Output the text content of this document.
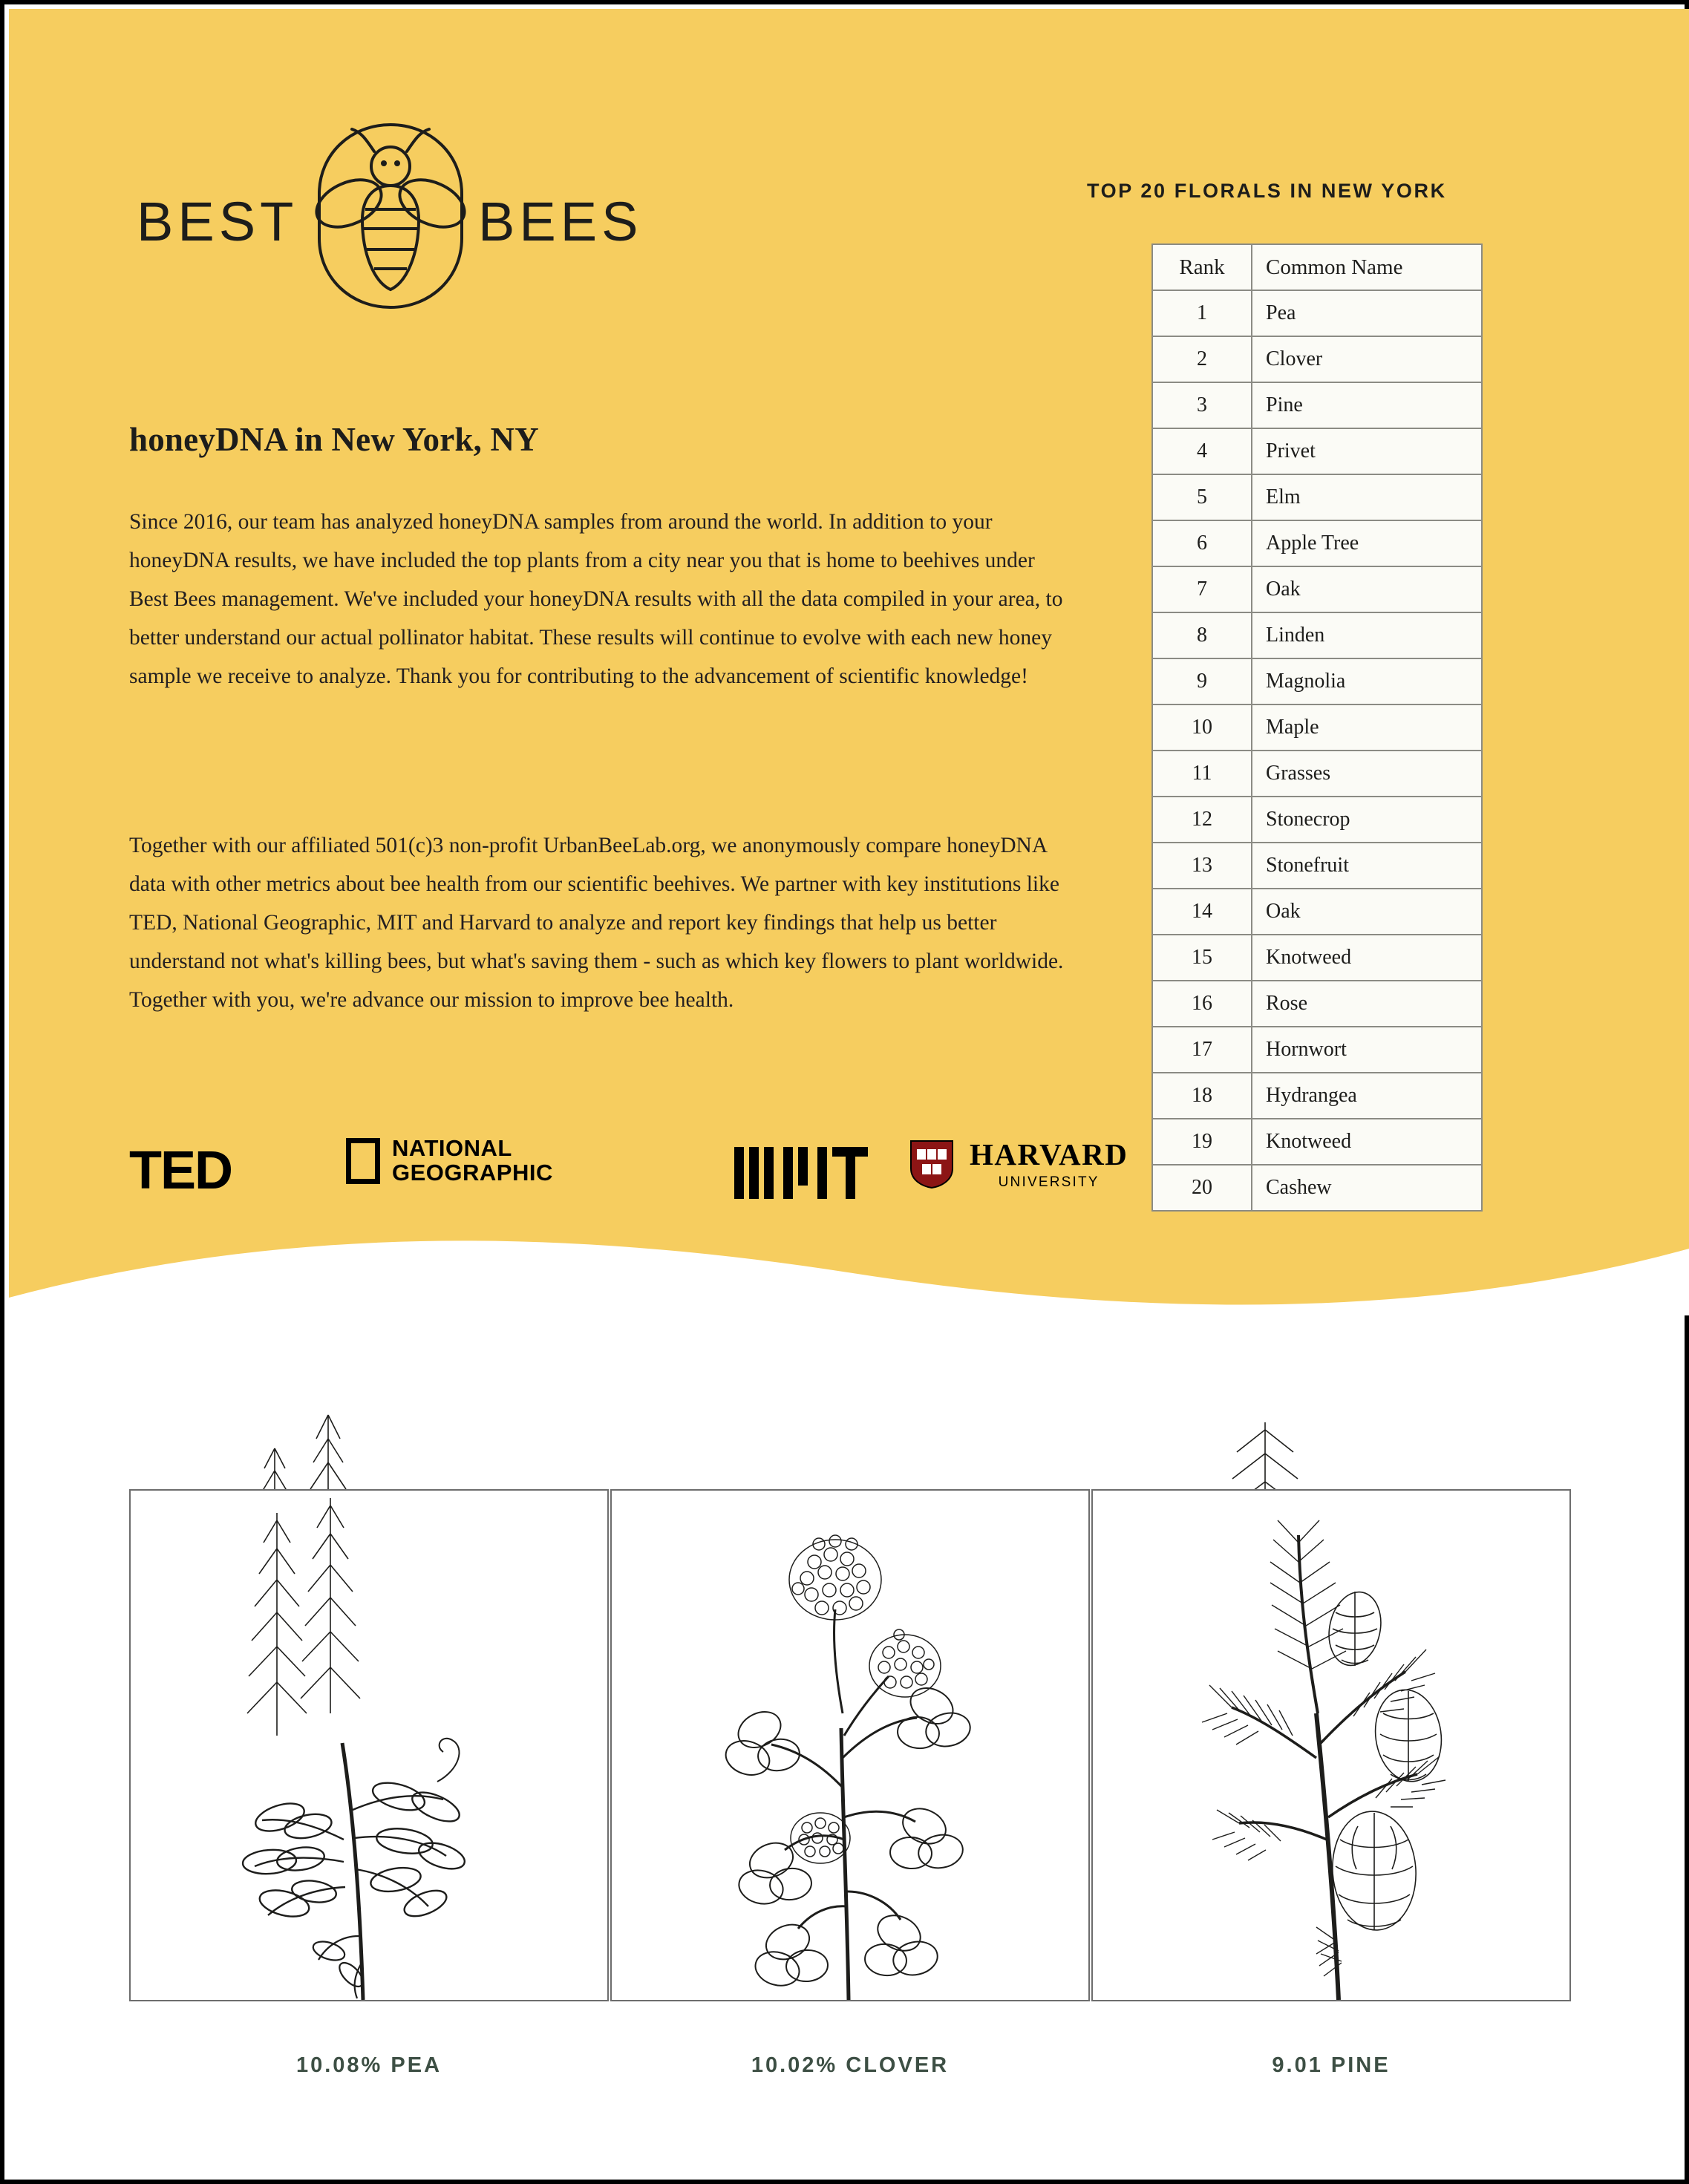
BEST	BEES
honeyDNA in New York, NY
Since 2016, our team has analyzed honeyDNA samples from around the world. In addition to your honeyDNA results, we have included the top plants from a city near you that is home to beehives under Best Bees management. We've included your honeyDNA results with all the data compiled in your area, to better understand our actual pollinator habitat. These results will continue to evolve with each new honey sample we receive to analyze. Thank you for contributing to the advancement of scientific knowledge!
Together with our affiliated 501(c)3 non-profit UrbanBeeLab.org, we anonymously compare honeyDNA data with other metrics about bee health from our scientific beehives. We partner with key institutions like TED, National Geographic, MIT and Harvard to analyze and report key findings that help us better understand not what's killing bees, but what's saving them - such as which key flowers to plant worldwide. Together with you, we're advance our mission to improve bee health.
TED	NATIONAL
GEOGRAPHIC
HARVARD
UNIVERSITY
TOP 20 FLORALS IN NEW YORK
Rank	Common Name
1	Pea
2	Clover
3	Pine
4	Privet
5	Elm
6	Apple Tree
7	Oak
8	Linden
9	Magnolia
10	Maple
11	Grasses
12	Stonecrop
13	Stonefruit
14	Oak
15	Knotweed
16	Rose
17	Hornwort
18	Hydrangea
19	Knotweed
20	Cashew
10.08% PEA	10.02% CLOVER	9.01 PINE
